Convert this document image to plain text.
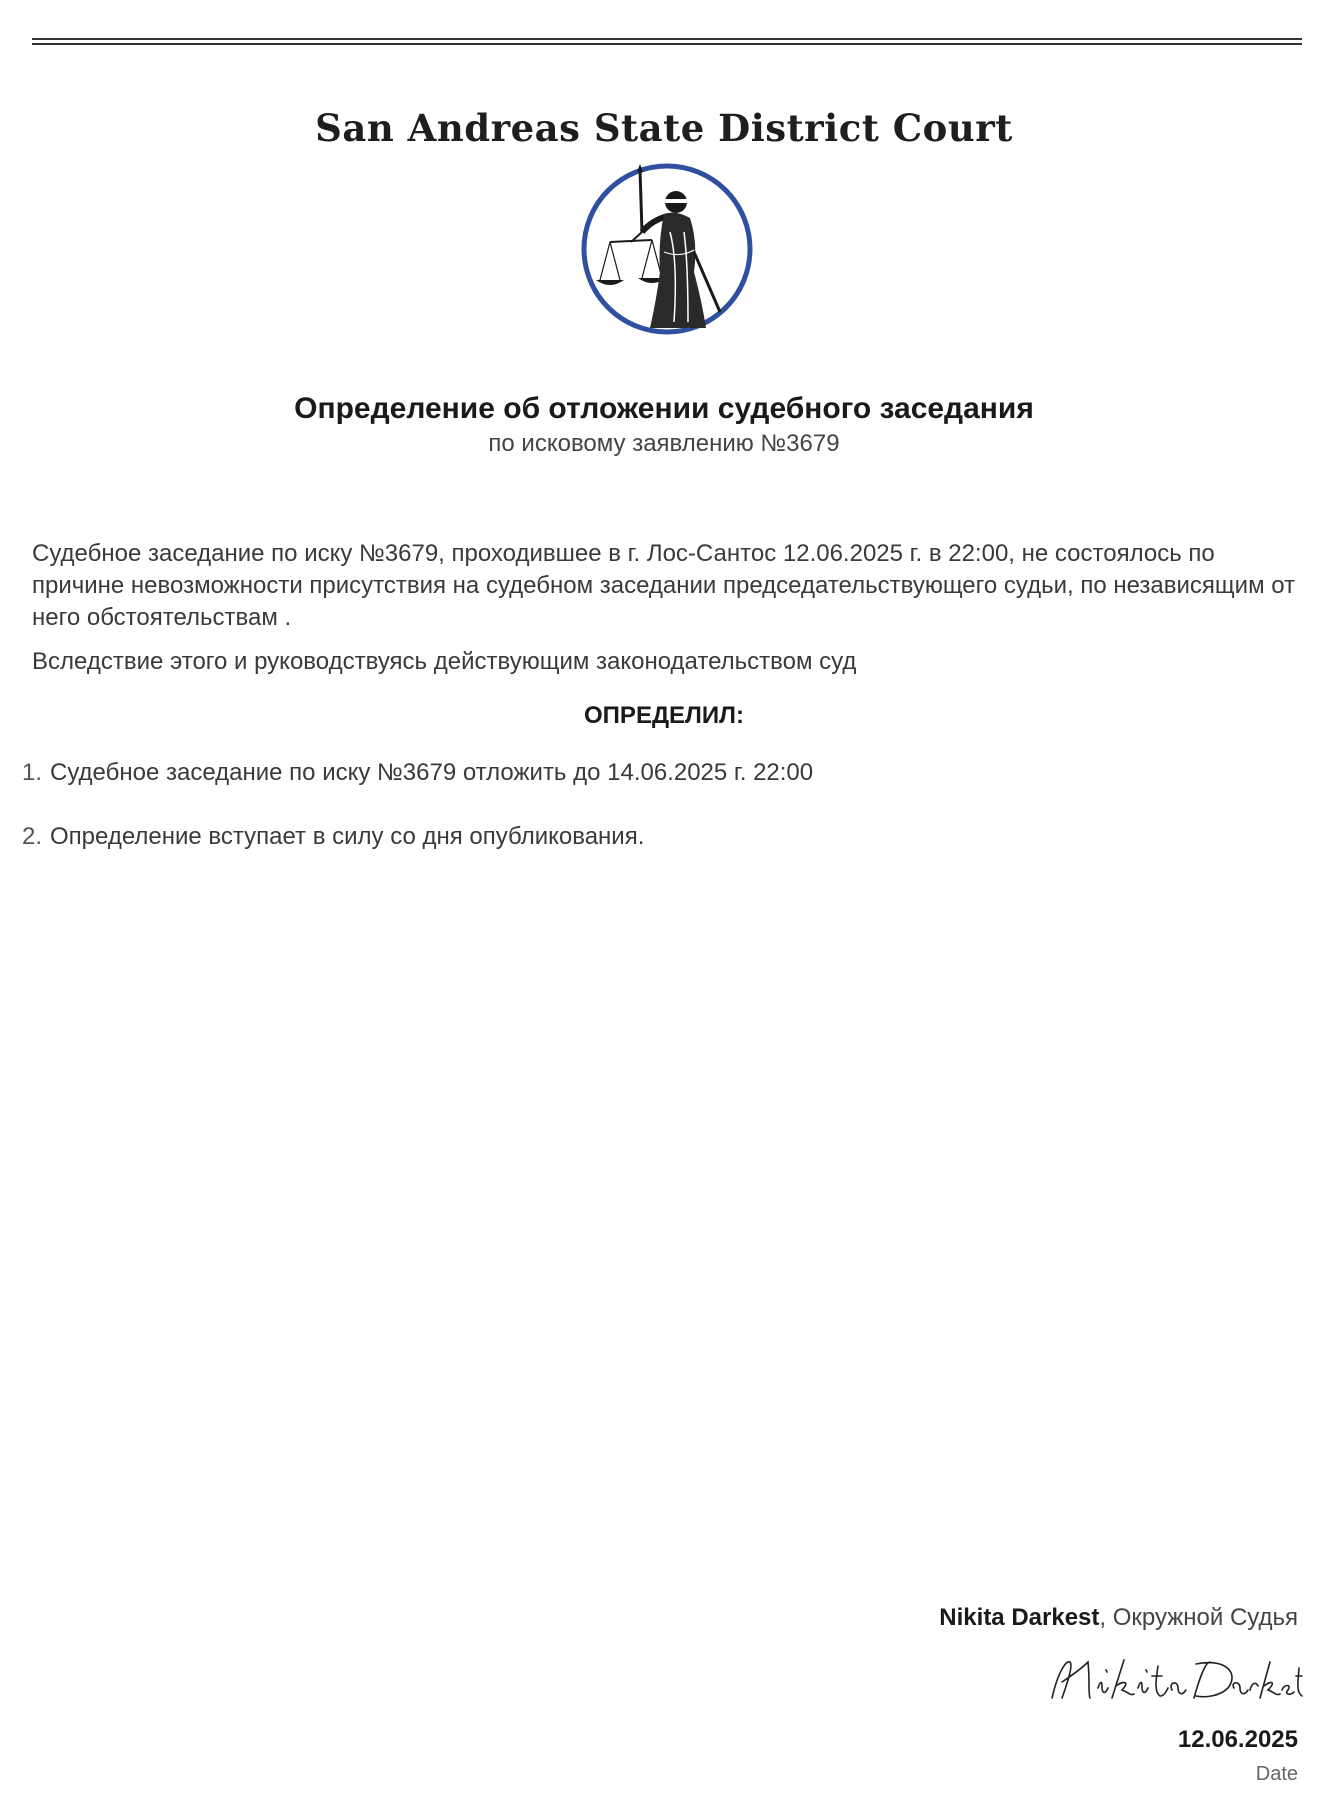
San Andreas State District Court
Определение об отложении судебного заседания
по исковому заявлению №3679
Судебное заседание по иску №3679, проходившее в г. Лос-Сантос 12.06.2025 г. в 22:00, не состоялось по причине невозможности присутствия на судебном заседании председательствующего судьи, по независящим от него обстоятельствам .
Вследствие этого и руководствуясь действующим законодательством суд
ОПРЕДЕЛИЛ:
1. Судебное заседание по иску №3679 отложить до 14.06.2025 г. 22:00
2. Определение вступает в силу со дня опубликования.
Nikita Darkest, Окружной Судья
12.06.2025
Date
